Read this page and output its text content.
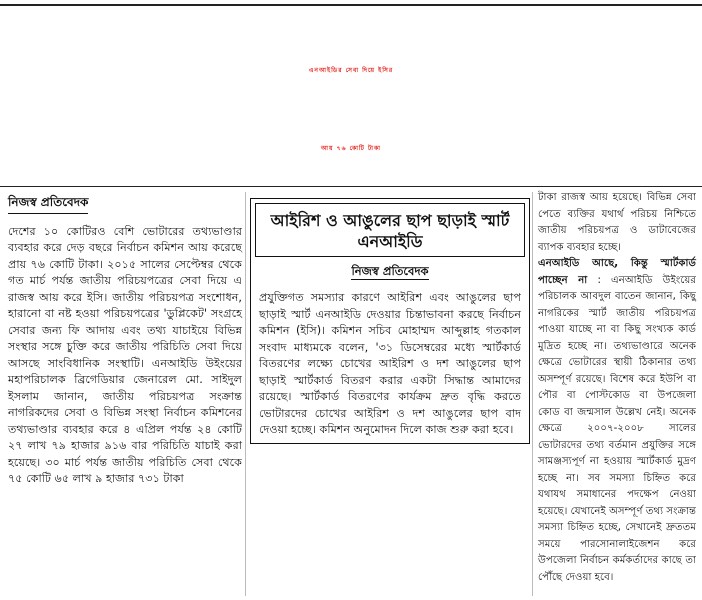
এনআইডির সেবা দিয়ে ইসির
আয় ৭৬ কোটি টাকা
নিজস্ব প্রতিবেদক
দেশের ১০ কোটিরও বেশি ভোটারের তথ্যভাণ্ডার ব্যবহার করে দেড় বছরে নির্বাচন কমিশন আয় করেছে প্রায় ৭৬ কোটি টাকা। ২০১৫ সালের সেপ্টেম্বর থেকে গত মার্চ পর্যন্ত জাতীয় পরিচয়পত্রের সেবা দিয়ে এ রাজস্ব আয় করে ইসি। জাতীয় পরিচয়পত্র সংশোধন, হারানো বা নষ্ট হওয়া পরিচয়পত্রের 'ডুপ্লিকেট' সংগ্রহে সেবার জন্য ফি আদায় এবং তথ্য যাচাইয়ে বিভিন্ন সংস্থার সঙ্গে চুক্তি করে জাতীয় পরিচিতি সেবা দিয়ে আসছে সাংবিধানিক সংস্থাটি। এনআইডি উইংয়ের মহাপরিচালক ব্রিগেডিয়ার জেনারেল মো. সাইদুল ইসলাম জানান, জাতীয় পরিচয়পত্র সংক্রান্ত নাগরিকদের সেবা ও বিভিন্ন সংস্থা নির্বাচন কমিশনের তথ্যভাণ্ডার ব্যবহার করে ৪ এপ্রিল পর্যন্ত ২৪ কোটি ২৭ লাখ ৭৯ হাজার ৯১৬ বার পরিচিতি যাচাই করা হয়েছে। ৩০ মার্চ পর্যন্ত জাতীয় পরিচিতি সেবা থেকে ৭৫ কোটি ৬৫ লাখ ৯ হাজার ৭৩১ টাকা
আইরিশ ও আঙুলের ছাপ ছাড়াই স্মার্ট এনআইডি
নিজস্ব প্রতিবেদক
প্রযুক্তিগত সমস্যার কারণে আইরিশ এবং আঙুলের ছাপ ছাড়াই স্মার্ট এনআইডি দেওয়ার চিন্তাভাবনা করছে নির্বাচন কমিশন (ইসি)। কমিশন সচিব মোহাম্মদ আব্দুল্লাহ গতকাল সংবাদ মাধ্যমকে বলেন, '৩১ ডিসেম্বরের মধ্যে স্মার্টকার্ড বিতরণের লক্ষ্যে চোখের আইরিশ ও দশ আঙুলের ছাপ ছাড়াই স্মার্টকার্ড বিতরণ করার একটা সিদ্ধান্ত আমাদের রয়েছে। স্মার্টকার্ড বিতরণের কার্যক্রম দ্রুত বৃদ্ধি করতে ভোটারদের চোখের আইরিশ ও দশ আঙুলের ছাপ বাদ দেওয়া হচ্ছে। কমিশন অনুমোদন দিলে কাজ শুরু করা হবে।
টাকা রাজস্ব আয় হয়েছে। বিভিন্ন সেবা পেতে ব্যক্তির যথার্থ পরিচয় নিশ্চিতে জাতীয় পরিচয়পত্র ও ডাটাবেজের ব্যাপক ব্যবহার হচ্ছে।
এনআইডি আছে, কিন্তু স্মার্টকার্ড পাচ্ছেন না : এনআইডি উইংয়ের পরিচালক আবদুল বাতেন জানান, কিছু নাগরিকের স্মার্ট জাতীয় পরিচয়পত্র পাওয়া যাচ্ছে না বা কিছু সংখ্যক কার্ড মুদ্রিত হচ্ছে না। তথ্যভাণ্ডারে অনেক ক্ষেত্রে ভোটারের স্থায়ী ঠিকানার তথ্য অসম্পূর্ণ রয়েছে। বিশেষ করে ইউপি বা পৌর বা পোস্টকোড বা উপজেলা কোড বা জন্মসাল উল্লেখ নেই। অনেক ক্ষেত্রে ২০০৭-২০০৮ সালের ভোটারদের তথ্য বর্তমান প্রযুক্তির সঙ্গে সামঞ্জস্যপূর্ণ না হওয়ায় স্মার্টকার্ড মুদ্রণ হচ্ছে না। সব সমস্যা চিহ্নিত করে যথাযথ সমাধানের পদক্ষেপ নেওয়া হয়েছে। যেখানেই অসম্পূর্ণ তথ্য সংক্রান্ত সমস্যা চিহ্নিত হচ্ছে, সেখানেই দ্রুততম সময়ে পারসোনালাইজেশন করে উপজেলা নির্বাচন কর্মকর্তাদের কাছে তা পৌঁছে দেওয়া হবে।
